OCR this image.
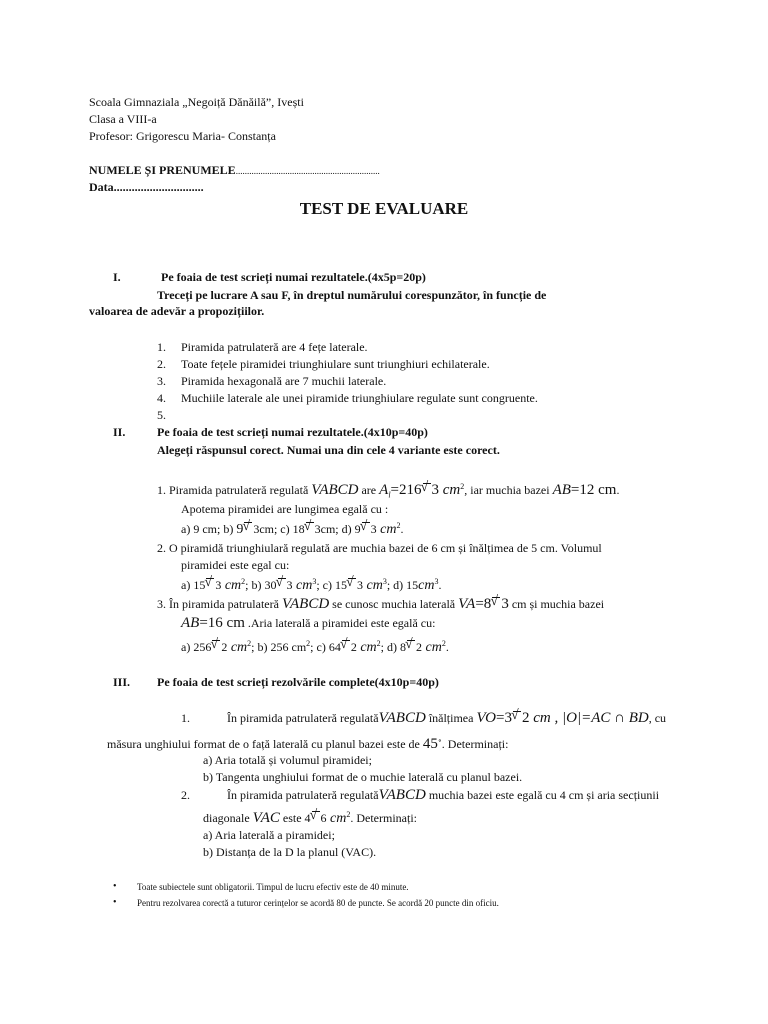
Scoala Gimnaziala „Negoiță Dănăilă”, Ivești
Clasa a VIII-a
Profesor: Grigorescu Maria- Constanța
NUMELE ȘI PRENUMELE................................................................
Data..............................
TEST DE EVALUARE
I.	Pe foaia de test scrieți numai rezultatele.(4x5p=20p)
Treceți pe lucrare A sau F, în dreptul numărului corespunzător, în funcție de
valoarea de adevăr a propozițiilor.
1. Piramida patrulateră are 4 fețe laterale.
2. Toate fețele piramidei triunghiulare sunt triunghiuri echilaterale.
3. Piramida hexagonală are 7 muchii laterale.
4. Muchiile laterale ale unei piramide triunghiulare regulate sunt congruente.
5.
II.	Pe foaia de test scrieți numai rezultatele.(4x10p=40p)
Alegeți răspunsul corect. Numai una din cele 4 variante este corect.
1. Piramida patrulateră regulată VABCD are $A_l=216$ 3 √ $cm^2$, iar muchia bazei AB=12 cm.
Apotema piramidei are lungimea egală cu :
a) 9 cm; b) 9 3 √cm; c) 18 3 √cm; d) 9 3 √ $cm^2$.
2. O piramidă triunghiulară regulată are muchia bazei de 6 cm și înălțimea de 5 cm. Volumul
piramidei este egal cu:
a) 15 3 √ $cm^2$; b) 30 3 √ $cm^3$; c) 15 3 √ $cm^3$; d) $15cm^3$.
3. În piramida patrulateră VABCD se cunosc muchia laterală VA=8 3 √ cm și muchia bazei
AB=16 cm .Aria laterală a piramidei este egală cu:
a) 256 2 √ $cm^2$; b) 256 $cm^2$; c) 64 2 √ $cm^2$; d) 8 2 √ $cm^2$.
III. Pe foaia de test scrieți rezolvările complete(4x10p=40p)
1.	În piramida patrulateră regulatăVABCD înălțimea VO=3 2 √ cm , |O|=AC ∩ BD, cu
măsura unghiului format de o față laterală cu planul bazei este de 45∘. Determinați:
a) Aria totală și volumul piramidei;
b) Tangenta unghiului format de o muchie laterală cu planul bazei.
2.	În piramida patrulateră regulatăVABCD muchia bazei este egală cu 4 cm și aria secțiunii
diagonale VAC este 4 6 √ $cm^2$. Determinați:
a) Aria laterală a piramidei;
b) Distanța de la D la planul (VAC).
• Toate subiectele sunt obligatorii. Timpul de lucru efectiv este de 40 minute.
• Pentru rezolvarea corectă a tuturor cerințelor se acordă 80 de puncte. Se acordă 20 puncte din oficiu.
